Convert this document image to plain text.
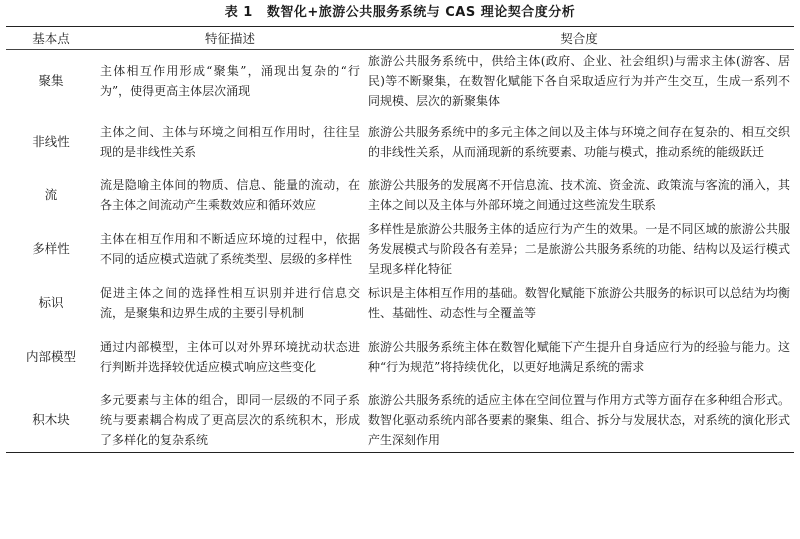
表 1 数智化+旅游公共服务系统与 CAS 理论契合度分析
基本点	特征描述	契合度
聚集	主体相互作用形成“聚集”，涌现出复杂的“行为”，使得更高主体层次涌现	旅游公共服务系统中，供给主体(政府、企业、社会组织)与需求主体(游客、居民)等不断聚集，在数智化赋能下各自采取适应行为并产生交互，生成一系列不同规模、层次的新聚集体
非线性	主体之间、主体与环境之间相互作用时，往往呈现的是非线性关系	旅游公共服务系统中的多元主体之间以及主体与环境之间存在复杂的、相互交织的非线性关系，从而涌现新的系统要素、功能与模式，推动系统的能级跃迁
流	流是隐喻主体间的物质、信息、能量的流动，在各主体之间流动产生乘数效应和循环效应	旅游公共服务的发展离不开信息流、技术流、资金流、政策流与客流的涌入，其主体之间以及主体与外部环境之间通过这些流发生联系
多样性	主体在相互作用和不断适应环境的过程中，依据不同的适应模式造就了系统类型、层级的多样性	多样性是旅游公共服务主体的适应行为产生的效果。一是不同区域的旅游公共服务发展模式与阶段各有差异；二是旅游公共服务系统的功能、结构以及运行模式呈现多样化特征
标识	促进主体之间的选择性相互识别并进行信息交流，是聚集和边界生成的主要引导机制	标识是主体相互作用的基础。数智化赋能下旅游公共服务的标识可以总结为均衡性、基础性、动态性与全覆盖等
内部模型	通过内部模型，主体可以对外界环境扰动状态进行判断并选择较优适应模式响应这些变化	旅游公共服务系统主体在数智化赋能下产生提升自身适应行为的经验与能力。这种“行为规范”将持续优化，以更好地满足系统的需求
积木块	多元要素与主体的组合，即同一层级的不同子系统与要素耦合构成了更高层次的系统积木，形成了多样化的复杂系统	旅游公共服务系统的适应主体在空间位置与作用方式等方面存在多种组合形式。数智化驱动系统内部各要素的聚集、组合、拆分与发展状态，对系统的演化形式产生深刻作用
